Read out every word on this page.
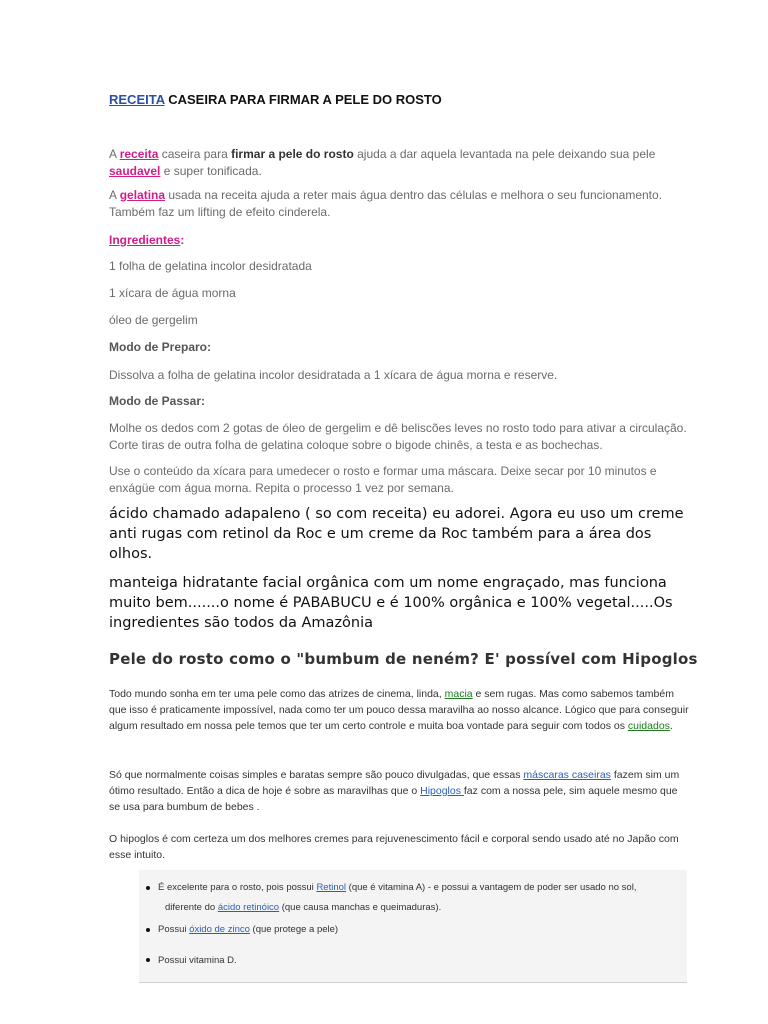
RECEITA CASEIRA PARA FIRMAR A PELE DO ROSTO
A receita caseira para firmar a pele do rosto ajuda a dar aquela levantada na pele deixando sua pele saudavel e super tonificada.
A gelatina usada na receita ajuda a reter mais água dentro das células e melhora o seu funcionamento. Também faz um lifting de efeito cinderela.
Ingredientes:
1 folha de gelatina incolor desidratada
1 xícara de água morna
óleo de gergelim
Modo de Preparo:
Dissolva a folha de gelatina incolor desidratada a 1 xícara de água morna e reserve.
Modo de Passar:
Molhe os dedos com 2 gotas de óleo de gergelim e dê beliscões leves no rosto todo para ativar a circulação. Corte tiras de outra folha de gelatina coloque sobre o bigode chinês, a testa e as bochechas.
Use o conteúdo da xícara para umedecer o rosto e formar uma máscara. Deixe secar por 10 minutos e enxágüe com água morna. Repita o processo 1 vez por semana.
ácido chamado adapaleno ( so com receita) eu adorei. Agora eu uso um creme anti rugas com retinol da Roc e um creme da Roc também para a área dos olhos.
manteiga hidratante facial orgânica com um nome engraçado, mas funciona muito bem.......o nome é PABABUCU e é 100% orgânica e 100% vegetal.....Os ingredientes são todos da Amazônia
Pele do rosto como o "bumbum de neném? E' possível com Hipoglos
Todo mundo sonha em ter uma pele como das atrizes de cinema, linda, macia e sem rugas. Mas como sabemos também que isso é praticamente impossível, nada como ter um pouco dessa maravilha ao nosso alcance. Lógico que para conseguir algum resultado em nossa pele temos que ter um certo controle e muita boa vontade para seguir com todos os cuidados.
Só que normalmente coisas simples e baratas sempre são pouco divulgadas, que essas máscaras caseiras fazem sim um ótimo resultado. Então a dica de hoje é sobre as maravilhas que o Hipoglos faz com a nossa pele, sim aquele mesmo que se usa para bumbum de bebes .
O hipoglos é com certeza um dos melhores cremes para rejuvenescimento fácil e corporal sendo usado até no Japão com esse intuito.
É excelente para o rosto, pois possui Retinol (que é vitamina A) - e possui a vantagem de poder ser usado no sol,
diferente do ácido retinóico (que causa manchas e queimaduras).
Possui óxido de zinco (que protege a pele)
Possui vitamina D.
